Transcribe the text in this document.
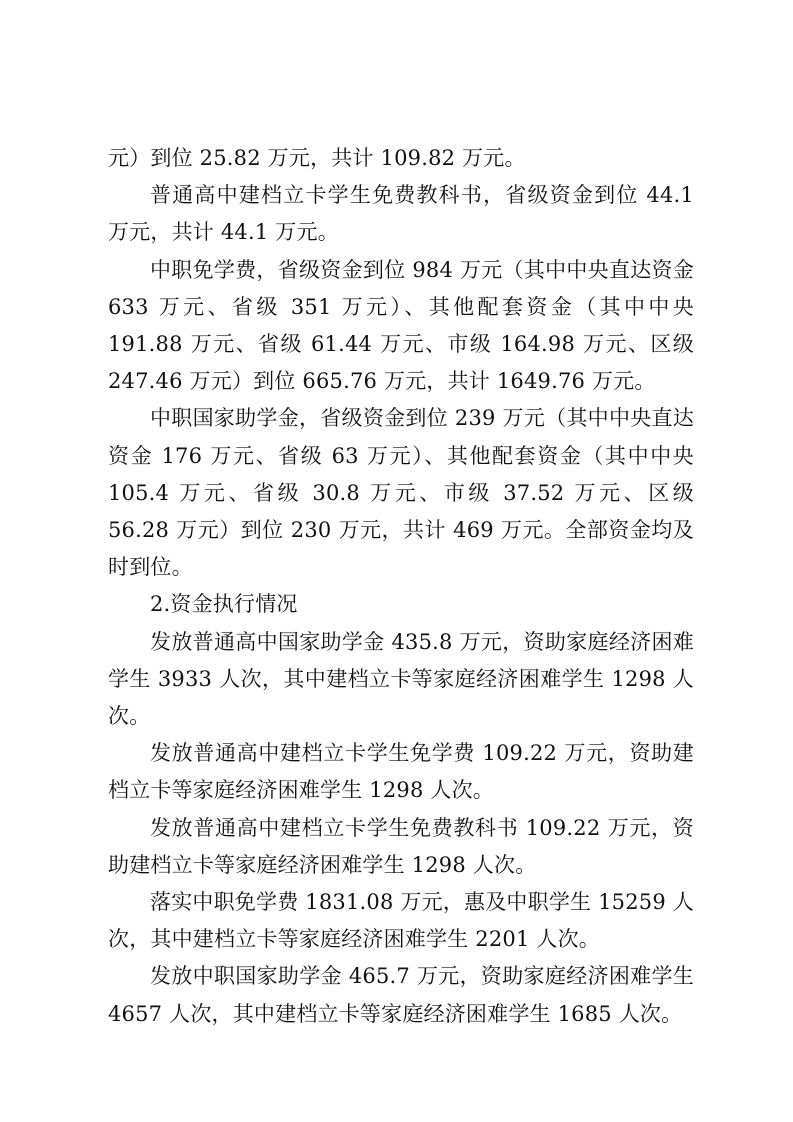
元）到位 25.82 万元，共计 109.82 万元。

普通高中建档立卡学生免费教科书，省级资金到位 44.1 万元，共计 44.1 万元。

中职免学费，省级资金到位 984 万元（其中中央直达资金 633 万元、省级 351 万元）、其他配套资金（其中中央 191.88 万元、省级 61.44 万元、市级 164.98 万元、区级 247.46 万元）到位 665.76 万元，共计 1649.76 万元。

中职国家助学金，省级资金到位 239 万元（其中中央直达资金 176 万元、省级 63 万元）、其他配套资金（其中中央 105.4 万元、省级 30.8 万元、市级 37.52 万元、区级 56.28 万元）到位 230 万元，共计 469 万元。全部资金均及时到位。

2.资金执行情况

发放普通高中国家助学金 435.8 万元，资助家庭经济困难学生 3933 人次，其中建档立卡等家庭经济困难学生 1298 人次。

发放普通高中建档立卡学生免学费 109.22 万元，资助建档立卡等家庭经济困难学生 1298 人次。

发放普通高中建档立卡学生免费教科书 109.22 万元，资助建档立卡等家庭经济困难学生 1298 人次。

落实中职免学费 1831.08 万元，惠及中职学生 15259 人次，其中建档立卡等家庭经济困难学生 2201 人次。

发放中职国家助学金 465.7 万元，资助家庭经济困难学生 4657 人次，其中建档立卡等家庭经济困难学生 1685 人次。
